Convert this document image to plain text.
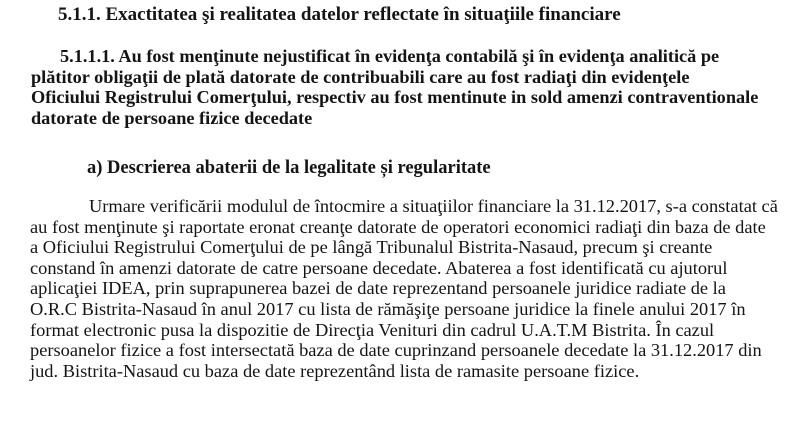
5.1.1. Exactitatea şi realitatea datelor reflectate în situaţiile financiare
5.1.1.1. Au fost menţinute nejustificat în evidenţa contabilă şi în evidenţa analitică pe
plătitor obligaţii de plată datorate de contribuabili care au fost radiaţi din evidenţele
Oficiului Registrului Comerţului, respectiv au fost mentinute in sold amenzi contraventionale
datorate de persoane fizice decedate
a) Descrierea abaterii de la legalitate și regularitate
Urmare verificării modulul de întocmire a situaţiilor financiare la 31.12.2017, s-a constatat că
au fost menţinute şi raportate eronat creanţe datorate de operatori economici radiaţi din baza de date
a Oficiului Registrului Comerţului de pe lângă Tribunalul Bistrita-Nasaud, precum şi creante
constand în amenzi datorate de catre persoane decedate. Abaterea a fost identificată cu ajutorul
aplicaţiei IDEA, prin suprapunerea bazei de date reprezentand persoanele juridice radiate de la
O.R.C Bistrita-Nasaud în anul 2017 cu lista de rămăşiţe persoane juridice la finele anului 2017 în
format electronic pusa la dispozitie de Direcţia Venituri din cadrul U.A.T.M Bistrita. În cazul
persoanelor fizice a fost intersectată baza de date cuprinzand persoanele decedate la 31.12.2017 din
jud. Bistrita-Nasaud cu baza de date reprezentând lista de ramasite persoane fizice.
